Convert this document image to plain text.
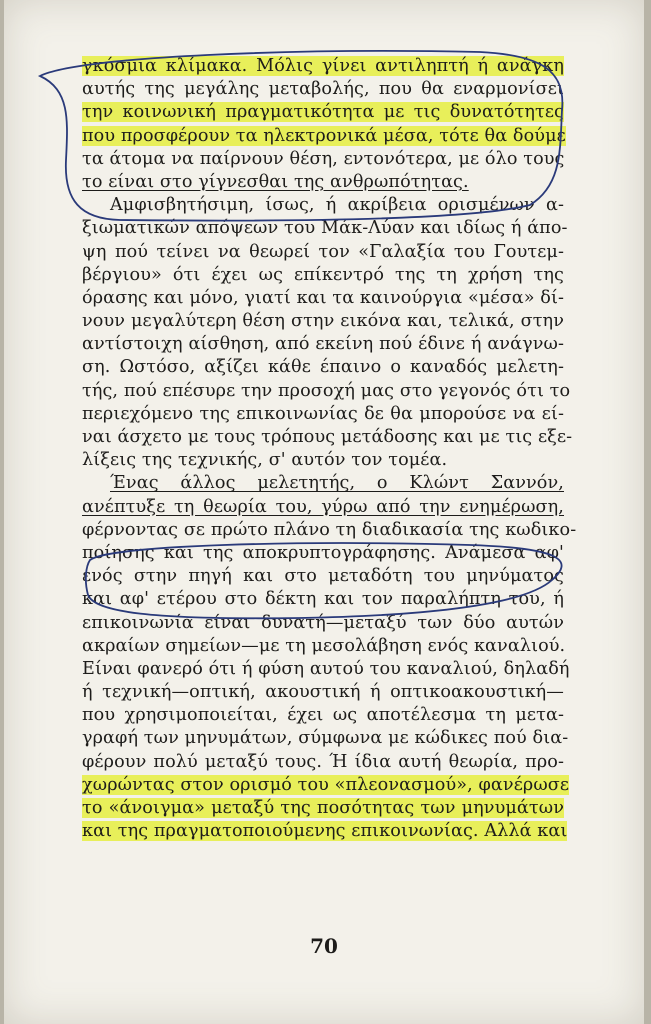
γκόσμια κλίμακα. Μόλις γίνει αντιληπτή ή ανάγκη
αυτής της μεγάλης μεταβολής, που θα εναρμονίσει
την κοινωνική πραγματικότητα με τις δυνατότητες
που προσφέρουν τα ηλεκτρονικά μέσα, τότε θα δούμε
τα άτομα να παίρνουν θέση, εντονότερα, με όλο τους
το είναι στο γίγνεσθαι της ανθρωπότητας.
Αμφισβητήσιμη, ίσως, ή ακρίβεια ορισμένων α-
ξιωματικών απόψεων του Μάκ-Λύαν και ιδίως ή άπο-
ψη πού τείνει να θεωρεί τον «Γαλαξία του Γουτεμ-
βέργιου» ότι έχει ως επίκεντρό της τη χρήση της
όρασης και μόνο, γιατί και τα καινούργια «μέσα» δί-
νουν μεγαλύτερη θέση στην εικόνα και, τελικά, στην
αντίστοιχη αίσθηση, από εκείνη πού έδινε ή ανάγνω-
ση. Ωστόσο, αξίζει κάθε έπαινο ο καναδός μελετη-
τής, πού επέσυρε την προσοχή μας στο γεγονός ότι το
περιεχόμενο της επικοινωνίας δε θα μπορούσε να εί-
ναι άσχετο με τους τρόπους μετάδοσης και με τις εξε-
λίξεις της τεχνικής, σ' αυτόν τον τομέα.
Ένας άλλος μελετητής, ο Κλώντ Σαννόν,
ανέπτυξε τη θεωρία του, γύρω από την ενημέρωση,
φέρνοντας σε πρώτο πλάνο τη διαδικασία της κωδικο-
ποίησης και της αποκρυπτογράφησης. Ανάμεσα αφ'
ενός στην πηγή και στο μεταδότη του μηνύματος
και αφ' ετέρου στο δέκτη και τον παραλήπτη του, ή
επικοινωνία είναι δυνατή—μεταξύ των δύο αυτών
ακραίων σημείων—με τη μεσολάβηση ενός καναλιού.
Είναι φανερό ότι ή φύση αυτού του καναλιού, δηλαδή
ή τεχνική—οπτική, ακουστική ή οπτικοακουστική—
που χρησιμοποιείται, έχει ως αποτέλεσμα τη μετα-
γραφή των μηνυμάτων, σύμφωνα με κώδικες πού δια-
φέρουν πολύ μεταξύ τους. Ή ίδια αυτή θεωρία, προ-
χωρώντας στον ορισμό του «πλεονασμού», φανέρωσε
το «άνοιγμα» μεταξύ της ποσότητας των μηνυμάτων
και της πραγματοποιούμενης επικοινωνίας. Αλλά και
70
